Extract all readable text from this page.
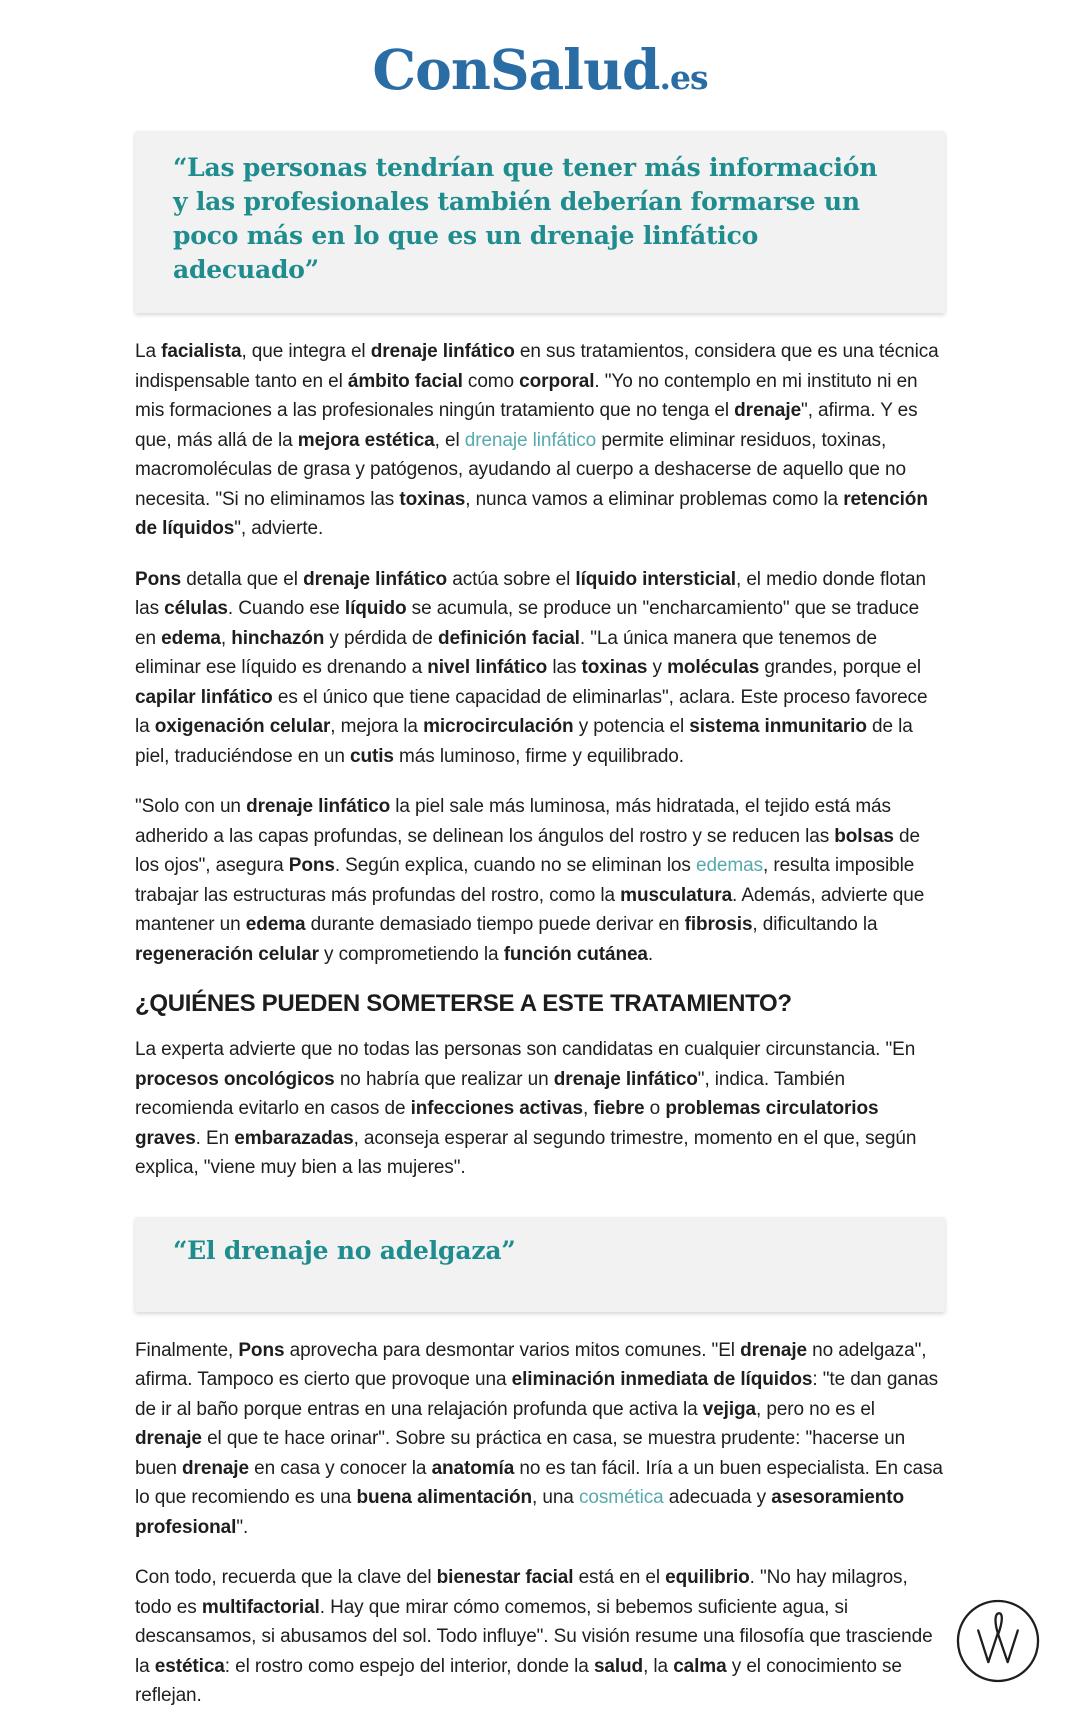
ConSalud.es

“Las personas tendrían que tener más información y las profesionales también deberían formarse un poco más en lo que es un drenaje linfático adecuado”

La facialista, que integra el drenaje linfático en sus tratamientos, considera que es una técnica indispensable tanto en el ámbito facial como corporal. "Yo no contemplo en mi instituto ni en mis formaciones a las profesionales ningún tratamiento que no tenga el drenaje", afirma. Y es que, más allá de la mejora estética, el drenaje linfático permite eliminar residuos, toxinas, macromoléculas de grasa y patógenos, ayudando al cuerpo a deshacerse de aquello que no necesita. "Si no eliminamos las toxinas, nunca vamos a eliminar problemas como la retención de líquidos", advierte.

Pons detalla que el drenaje linfático actúa sobre el líquido intersticial, el medio donde flotan las células. Cuando ese líquido se acumula, se produce un "encharcamiento" que se traduce en edema, hinchazón y pérdida de definición facial. "La única manera que tenemos de eliminar ese líquido es drenando a nivel linfático las toxinas y moléculas grandes, porque el capilar linfático es el único que tiene capacidad de eliminarlas", aclara. Este proceso favorece la oxigenación celular, mejora la microcirculación y potencia el sistema inmunitario de la piel, traduciéndose en un cutis más luminoso, firme y equilibrado.

"Solo con un drenaje linfático la piel sale más luminosa, más hidratada, el tejido está más adherido a las capas profundas, se delinean los ángulos del rostro y se reducen las bolsas de los ojos", asegura Pons. Según explica, cuando no se eliminan los edemas, resulta imposible trabajar las estructuras más profundas del rostro, como la musculatura. Además, advierte que mantener un edema durante demasiado tiempo puede derivar en fibrosis, dificultando la regeneración celular y comprometiendo la función cutánea.

¿QUIÉNES PUEDEN SOMETERSE A ESTE TRATAMIENTO?

La experta advierte que no todas las personas son candidatas en cualquier circunstancia. "En procesos oncológicos no habría que realizar un drenaje linfático", indica. También recomienda evitarlo en casos de infecciones activas, fiebre o problemas circulatorios graves. En embarazadas, aconseja esperar al segundo trimestre, momento en el que, según explica, "viene muy bien a las mujeres".

“El drenaje no adelgaza”

Finalmente, Pons aprovecha para desmontar varios mitos comunes. "El drenaje no adelgaza", afirma. Tampoco es cierto que provoque una eliminación inmediata de líquidos: "te dan ganas de ir al baño porque entras en una relajación profunda que activa la vejiga, pero no es el drenaje el que te hace orinar". Sobre su práctica en casa, se muestra prudente: "hacerse un buen drenaje en casa y conocer la anatomía no es tan fácil. Iría a un buen especialista. En casa lo que recomiendo es una buena alimentación, una cosmética adecuada y asesoramiento profesional".

Con todo, recuerda que la clave del bienestar facial está en el equilibrio. "No hay milagros, todo es multifactorial. Hay que mirar cómo comemos, si bebemos suficiente agua, si descansamos, si abusamos del sol. Todo influye". Su visión resume una filosofía que trasciende la estética: el rostro como espejo del interior, donde la salud, la calma y el conocimiento se reflejan.
